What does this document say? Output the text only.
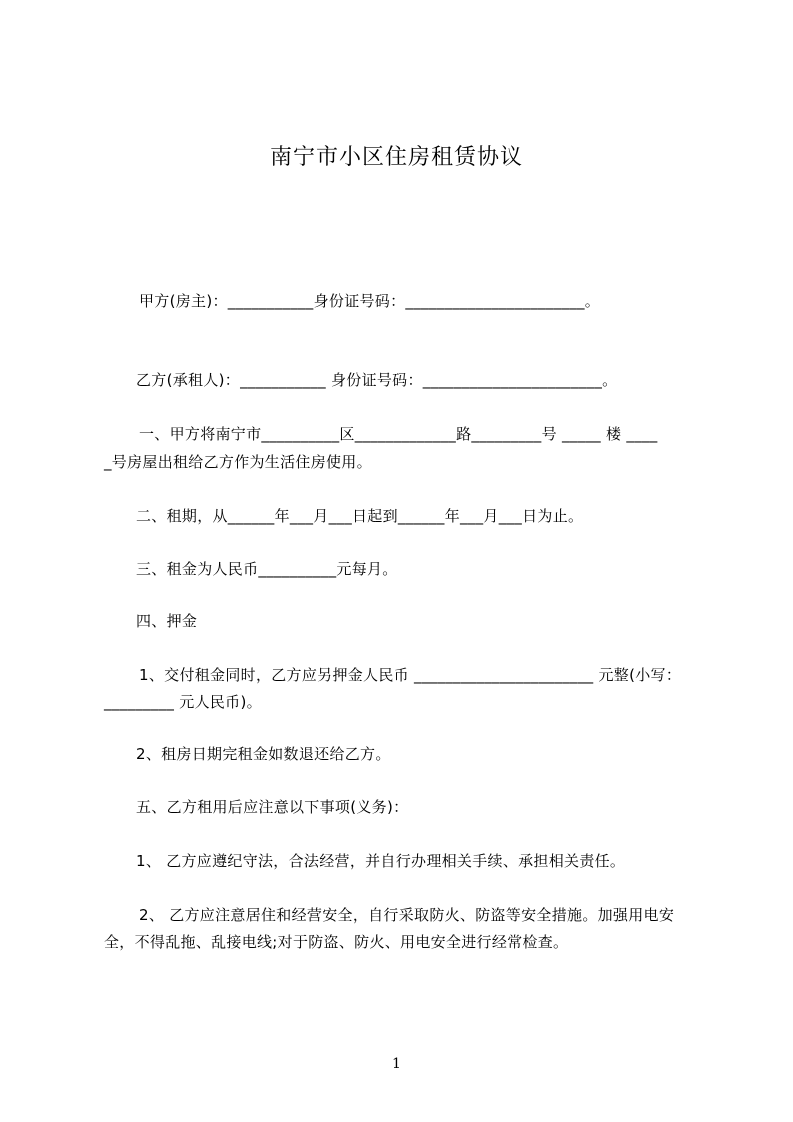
南宁市小区住房租赁协议
甲方(房主)：___________身份证号码：_______________________。
乙方(承租人)：___________ 身份证号码：_______________________。
一、甲方将南宁市__________区_____________路_________号 _____ 楼 ____
_号房屋出租给乙方作为生活住房使用。
二、租期，从______年___月___日起到______年___月___日为止。
三、租金为人民币__________元每月。
四、押金
1、交付租金同时，乙方应另押金人民币 _______________________ 元整(小写：
_________ 元人民币)。
2、租房日期完租金如数退还给乙方。
五、乙方租用后应注意以下事项(义务)：
1、 乙方应遵纪守法，合法经营，并自行办理相关手续、承担相关责任。
2、 乙方应注意居住和经营安全，自行采取防火、防盗等安全措施。加强用电安
全，不得乱拖、乱接电线;对于防盗、防火、用电安全进行经常检查。
1
